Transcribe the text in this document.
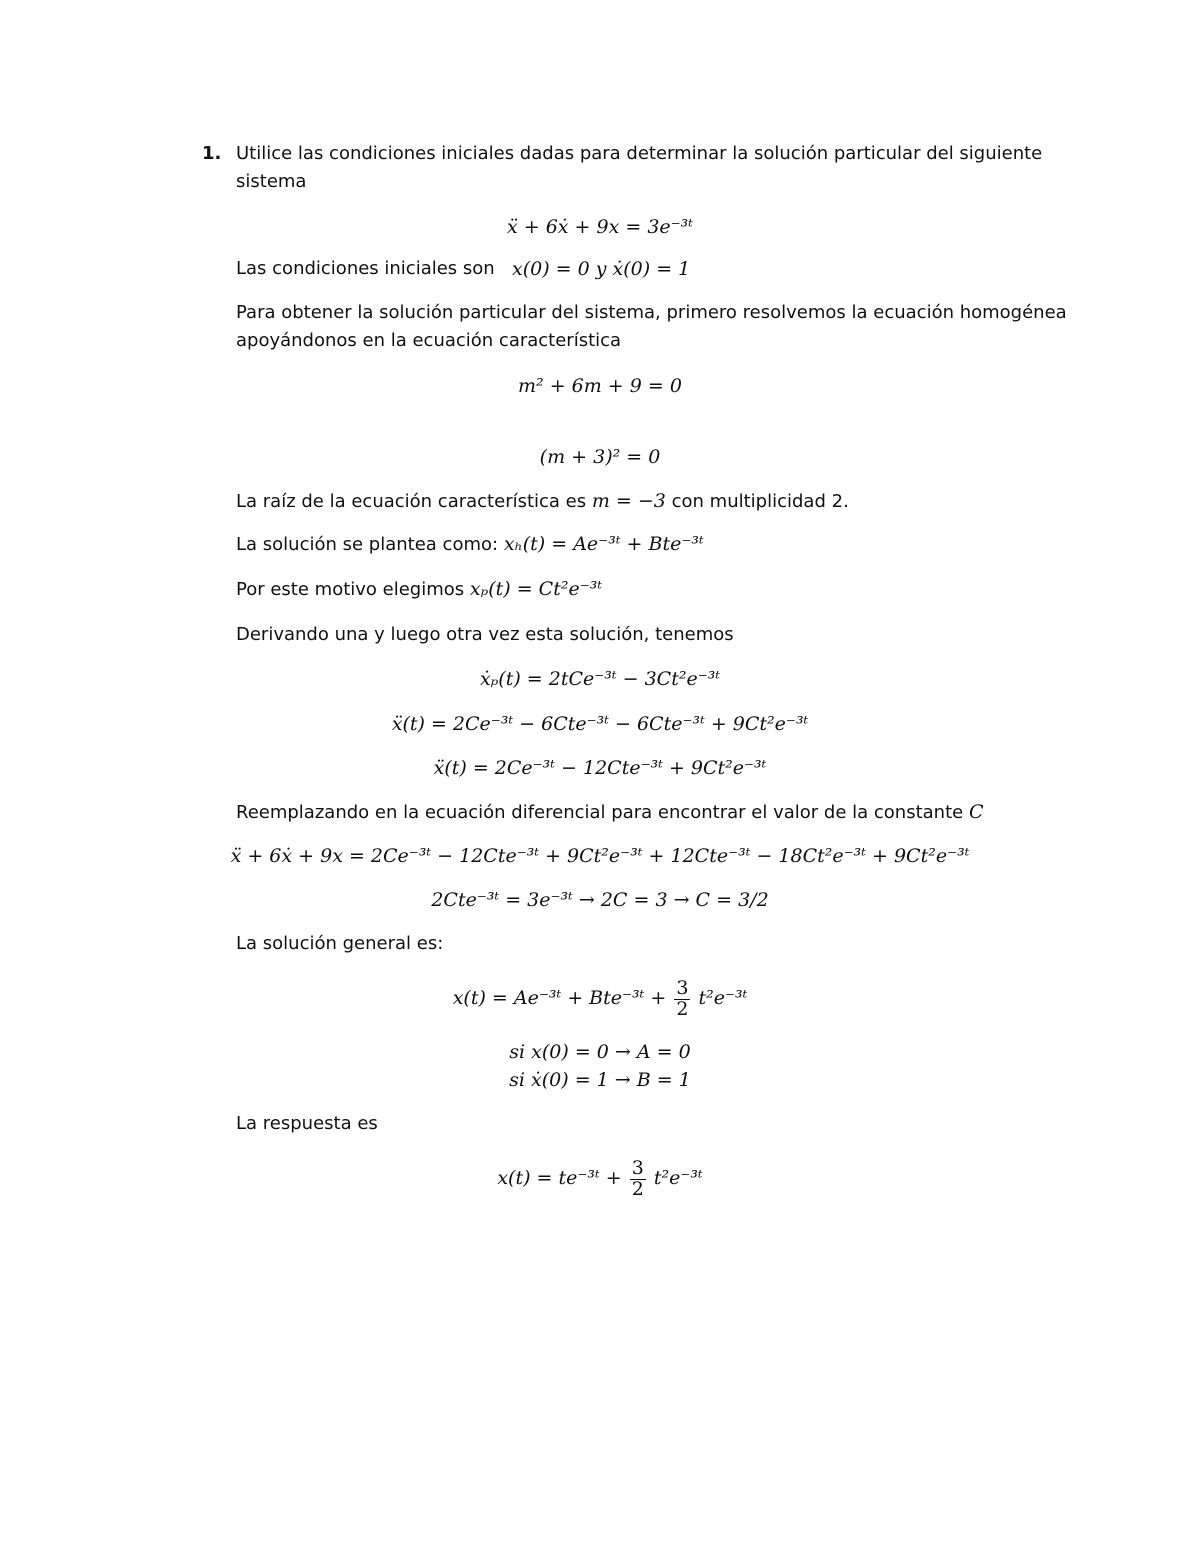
1. Utilice las condiciones iniciales dadas para determinar la solución particular del siguiente
sistema
ẍ + 6ẋ + 9x = 3e⁻³ᵗ
Las condiciones iniciales son x(0) = 0 y ẋ(0) = 1
Para obtener la solución particular del sistema, primero resolvemos la ecuación homogénea
apoyándonos en la ecuación característica
m² + 6m + 9 = 0
(m + 3)² = 0
La raíz de la ecuación característica es m = −3 con multiplicidad 2.
La solución se plantea como: xₕ(t) = Ae⁻³ᵗ + Bte⁻³ᵗ
Por este motivo elegimos xₚ(t) = Ct²e⁻³ᵗ
Derivando una y luego otra vez esta solución, tenemos
ẋₚ(t) = 2tCe⁻³ᵗ − 3Ct²e⁻³ᵗ
ẍ(t) = 2Ce⁻³ᵗ − 6Cte⁻³ᵗ − 6Cte⁻³ᵗ + 9Ct²e⁻³ᵗ
ẍ(t) = 2Ce⁻³ᵗ − 12Cte⁻³ᵗ + 9Ct²e⁻³ᵗ
Reemplazando en la ecuación diferencial para encontrar el valor de la constante C
ẍ + 6ẋ + 9x = 2Ce⁻³ᵗ − 12Cte⁻³ᵗ + 9Ct²e⁻³ᵗ + 12Cte⁻³ᵗ − 18Ct²e⁻³ᵗ + 9Ct²e⁻³ᵗ
2Cte⁻³ᵗ = 3e⁻³ᵗ → 2C = 3 → C = 3/2
La solución general es:
x(t) = Ae⁻³ᵗ + Bte⁻³ᵗ + $\frac{3}{2}$ t²e⁻³ᵗ
si x(0) = 0 → A = 0
si ẋ(0) = 1 → B = 1
La respuesta es
x(t) = te⁻³ᵗ + $\frac{3}{2}$ t²e⁻³ᵗ
